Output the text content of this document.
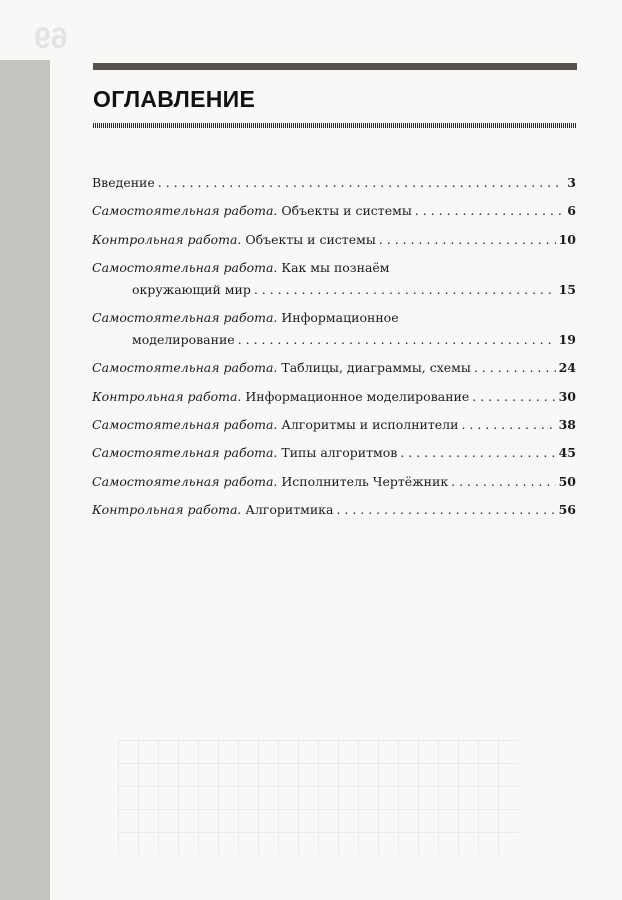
69
ОГЛАВЛЕНИЕ
Введение . . .	3
Самостоятельная работа.
Объекты и системы . . .	6
Контрольная работа.
Объекты и системы . . .	10
Самостоятельная работа.
Как мы познаём
окружающий мир . . .	15
Самостоятельная работа.
Информационное
моделирование . . .	19
Самостоятельная работа.
Таблицы, диаграммы, схемы . . .	24
Контрольная работа.
Информационное моделирование . . .	30
Самостоятельная работа.
Алгоритмы и исполнители . . .	38
Самостоятельная работа.
Типы алгоритмов . . .	45
Самостоятельная работа.
Исполнитель Чертёжник . . .	50
Контрольная работа.
Алгоритмика . . .	56
